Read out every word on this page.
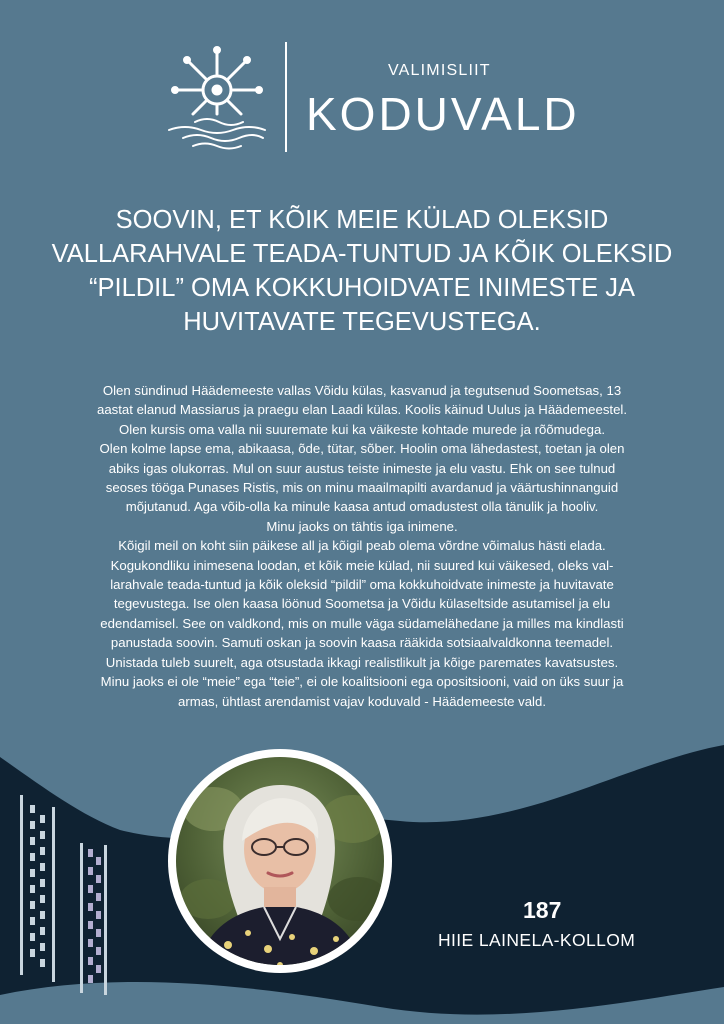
VALIMISLIIT
KODUVALD
SOOVIN, ET KÕIK MEIE KÜLAD OLEKSID VALLARAHVALE TEADA-TUNTUD JA KÕIK OLEKSID “PILDIL” OMA KOKKUHOIDVATE INIMESTE JA HUVITAVATE TEGEVUSTEGA.
Olen sündinud Häädemeeste vallas Võidu külas, kasvanud ja tegutsenud Soometsas, 13
aastat elanud Massiarus ja praegu elan Laadi külas. Koolis käinud Uulus ja Häädemeestel.
Olen kursis oma valla nii suuremate kui ka väikeste kohtade murede ja rõõmudega.
Olen kolme lapse ema, abikaasa, õde, tütar, sõber. Hoolin oma lähedastest, toetan ja olen
abiks igas olukorras. Mul on suur austus teiste inimeste ja elu vastu. Ehk on see tulnud
seoses tööga Punases Ristis, mis on minu maailmapilti avardanud ja väärtushinnanguid
mõjutanud. Aga võib-olla ka minule kaasa antud omadustest olla tänulik ja hooliv.
Minu jaoks on tähtis iga inimene.
Kõigil meil on koht siin päikese all ja kõigil peab olema võrdne võimalus hästi elada.
Kogukondliku inimesena loodan, et kõik meie külad, nii suured kui väikesed, oleks val-
larahvale teada-tuntud ja kõik oleksid “pildil” oma kokkuhoidvate inimeste ja huvitavate
tegevustega. Ise olen kaasa löönud Soometsa ja Võidu külaseltside asutamisel ja elu
edendamisel. See on valdkond, mis on mulle väga südamelähedane ja milles ma kindlasti
panustada soovin. Samuti oskan ja soovin kaasa rääkida sotsiaalvaldkonna teemadel.
Unistada tuleb suurelt, aga otsustada ikkagi realistlikult ja kõige paremates kavatsustes.
Minu jaoks ei ole “meie” ega “teie”, ei ole koalitsiooni ega opositsiooni, vaid on üks suur ja
armas, ühtlast arendamist vajav koduvald - Häädemeeste vald.
187
HIIE LAINELA-KOLLOM
